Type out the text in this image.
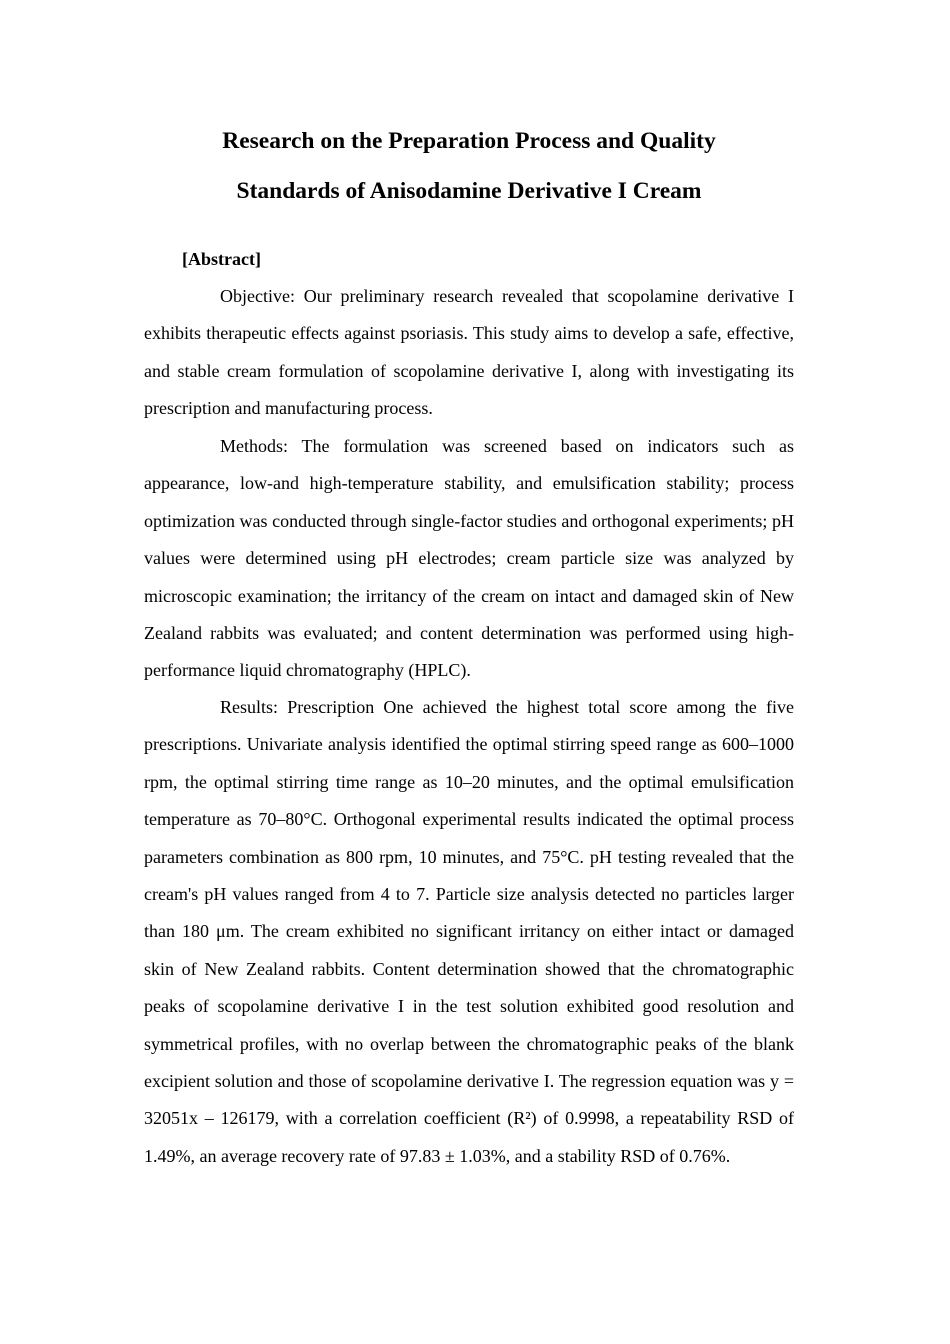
Research on the Preparation Process and Quality
Standards of Anisodamine Derivative I Cream

[Abstract]

Objective: Our preliminary research revealed that scopolamine derivative I exhibits therapeutic effects against psoriasis. This study aims to develop a safe, effective, and stable cream formulation of scopolamine derivative I, along with investigating its prescription and manufacturing process.

Methods: The formulation was screened based on indicators such as appearance, low-and high-temperature stability, and emulsification stability; process optimization was conducted through single-factor studies and orthogonal experiments; pH values were determined using pH electrodes; cream particle size was analyzed by microscopic examination; the irritancy of the cream on intact and damaged skin of New Zealand rabbits was evaluated; and content determination was performed using high-performance liquid chromatography (HPLC).

Results: Prescription One achieved the highest total score among the five prescriptions. Univariate analysis identified the optimal stirring speed range as 600–1000 rpm, the optimal stirring time range as 10–20 minutes, and the optimal emulsification temperature as 70–80°C. Orthogonal experimental results indicated the optimal process parameters combination as 800 rpm, 10 minutes, and 75°C. pH testing revealed that the cream's pH values ranged from 4 to 7. Particle size analysis detected no particles larger than 180 μm. The cream exhibited no significant irritancy on either intact or damaged skin of New Zealand rabbits. Content determination showed that the chromatographic peaks of scopolamine derivative I in the test solution exhibited good resolution and symmetrical profiles, with no overlap between the chromatographic peaks of the blank excipient solution and those of scopolamine derivative I. The regression equation was y = 32051x – 126179, with a correlation coefficient (R²) of 0.9998, a repeatability RSD of 1.49%, an average recovery rate of 97.83 ± 1.03%, and a stability RSD of 0.76%.
